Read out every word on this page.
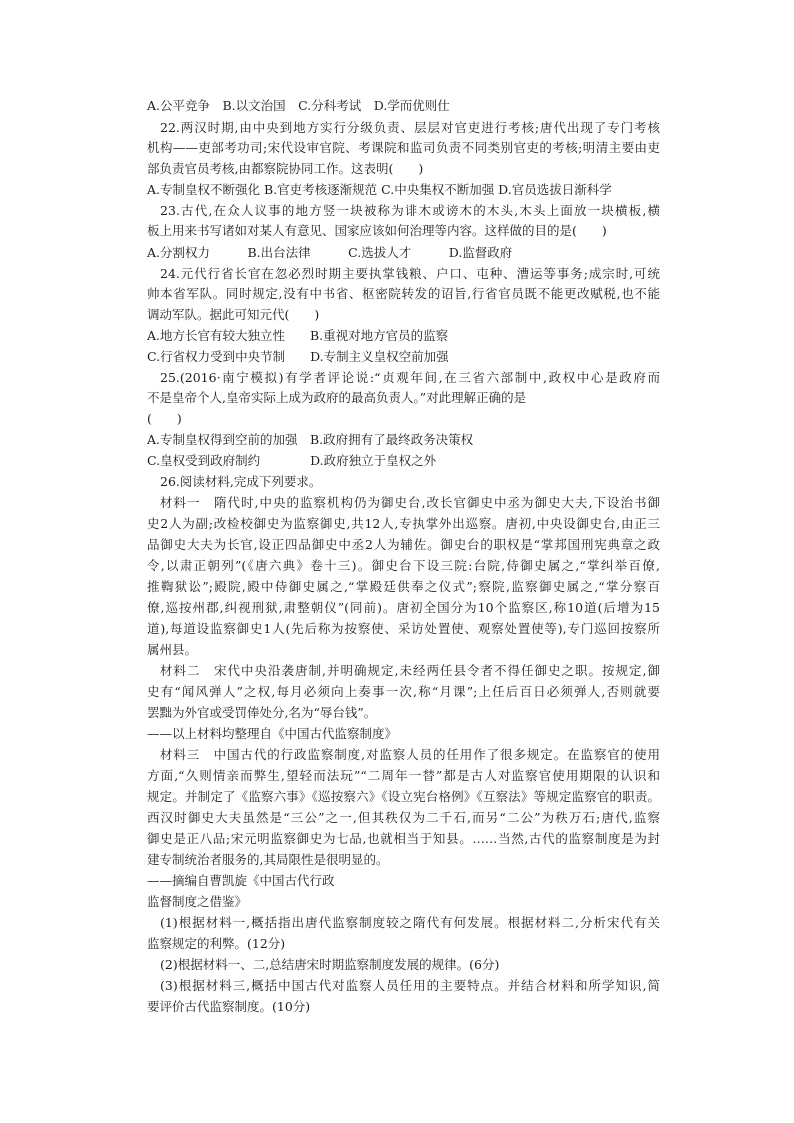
A.公平竞争　B.以文治国　C.分科考试　D.学而优则仕
22.两汉时期,由中央到地方实行分级负责、层层对官吏进行考核;唐代出现了专门考核
机构——吏部考功司;宋代设审官院、考课院和监司负责不同类别官吏的考核;明清主要由吏
部负责官员考核,由都察院协同工作。这表明(　　)
A.专制皇权不断强化 B.官吏考核逐渐规范 C.中央集权不断加强 D.官员选拔日渐科学
23.古代,在众人议事的地方竖一块被称为诽木或谤木的木头,木头上面放一块横板,横
板上用来书写诸如对某人有意见、国家应该如何治理等内容。这样做的目的是(　　)
A.分割权力　　　B.出台法律　　　C.选拔人才　　　D.监督政府
24.元代行省长官在忽必烈时期主要执掌钱粮、户口、屯种、漕运等事务;成宗时,可统
帅本省军队。同时规定,没有中书省、枢密院转发的诏旨,行省官员既不能更改赋税,也不能
调动军队。据此可知元代(　　)
A.地方长官有较大独立性　　B.重视对地方官员的监察
C.行省权力受到中央节制　　D.专制主义皇权空前加强
25.(2016·南宁模拟)有学者评论说:“贞观年间,在三省六部制中,政权中心是政府而
不是皇帝个人,皇帝实际上成为政府的最高负责人。”对此理解正确的是
(　　)
A.专制皇权得到空前的加强　B.政府拥有了最终政务决策权
C.皇权受到政府制约　　　　D.政府独立于皇权之外
26.阅读材料,完成下列要求。
材料一　隋代时,中央的监察机构仍为御史台,改长官御史中丞为御史大夫,下设治书御
史2人为副;改检校御史为监察御史,共12人,专执掌外出巡察。唐初,中央设御史台,由正三
品御史大夫为长官,设正四品御史中丞2人为辅佐。御史台的职权是“掌邦国刑宪典章之政
令,以肃正朝列”(《唐六典》卷十三)。御史台下设三院:台院,侍御史属之,“掌纠举百僚,
推鞫狱讼”;殿院,殿中侍御史属之,“掌殿廷供奉之仪式”;察院,监察御史属之,“掌分察百
僚,巡按州郡,纠视刑狱,肃整朝仪”(同前)。唐初全国分为10个监察区,称10道(后增为15
道),每道设监察御史1人(先后称为按察使、采访处置使、观察处置使等),专门巡回按察所
属州县。
材料二　宋代中央沿袭唐制,并明确规定,未经两任县令者不得任御史之职。按规定,御
史有“闻风弹人”之权,每月必须向上奏事一次,称“月课”;上任后百日必须弹人,否则就要
罢黜为外官或受罚俸处分,名为“辱台钱”。
——以上材料均整理自《中国古代监察制度》
材料三　中国古代的行政监察制度,对监察人员的任用作了很多规定。在监察官的使用
方面,“久则情亲而弊生,望轻而法玩”“二周年一替”都是古人对监察官使用期限的认识和
规定。并制定了《监察六事》《巡按察六》《设立宪台格例》《互察法》等规定监察官的职责。
西汉时御史大夫虽然是“三公”之一,但其秩仅为二千石,而另“二公”为秩万石;唐代,监察
御史是正八品;宋元明监察御史为七品,也就相当于知县。……当然,古代的监察制度是为封
建专制统治者服务的,其局限性是很明显的。
——摘编自曹凯旋《中国古代行政
监督制度之借鉴》
(1)根据材料一,概括指出唐代监察制度较之隋代有何发展。根据材料二,分析宋代有关
监察规定的利弊。(12分)
(2)根据材料一、二,总结唐宋时期监察制度发展的规律。(6分)
(3)根据材料三,概括中国古代对监察人员任用的主要特点。并结合材料和所学知识,简
要评价古代监察制度。(10分)
